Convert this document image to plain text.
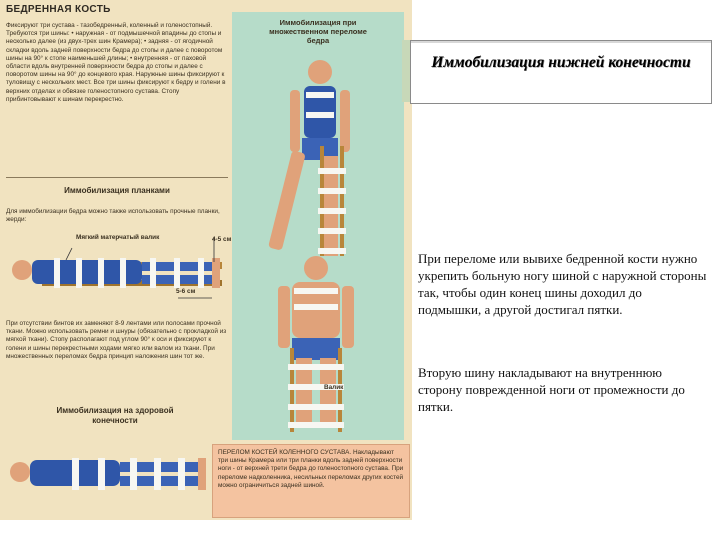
БЕДРЕННАЯ КОСТЬ
Фиксируют три сустава - тазобедренный, коленный и голеностопный. Требуются три шины: • наружная - от подмышечной впадины до стопы и несколько далее (из двух-трех шин Крамера); • задняя - от ягодичной складки вдоль задней поверхности бедра до стопы и далее с поворотом шины на 90° к стопе наименьшей длины; • внутренняя - от паховой области вдоль внутренней поверхности бедра до стопы и далее с поворотом шины на 90° до концевого края. Наружные шины фиксируют к туловищу с нескольких мест. Все три шины фиксируют к бедру и голени в верхних отделах и обвязке голеностопного сустава. Стопу прибинтовывают к шинам перекрестно.
Иммобилизация планками
Для иммобилизации бедра можно также использовать прочные планки, жерди:
Мягкий матерчатый валик	4-5 см
5-6 см
При отсутствии бинтов их заменяют 8-9 лентами или полосами прочной ткани. Можно использовать ремни и шнуры (обязательно с прокладкой из мягкой ткани). Стопу располагают под углом 90° к оси и фиксируют к голени и шины перекрестными ходами мягко или валом из ткани. При множественных переломах бедра принцип наложения шин тот же.
Иммобилизация на здоровой конечности
Иммобилизация при множественном переломе бедра
Валик
ПЕРЕЛОМ КОСТЕЙ КОЛЕННОГО СУСТАВА. Накладывают три шины Крамера или три планки вдоль задней поверхности ноги - от верхней трети бедра до голеностопного сустава. При переломе надколенника, несильных переломах других костей можно ограничиться задней шиной.
Иммобилизация нижней конечности

При переломе или вывихе бедренной кости нужно укрепить больную ногу шиной с наружной стороны так, чтобы один конец шины доходил до подмышки, а другой достигал пятки.

Вторую шину накладывают на внутреннюю сторону поврежденной ноги от промежности до пятки.
